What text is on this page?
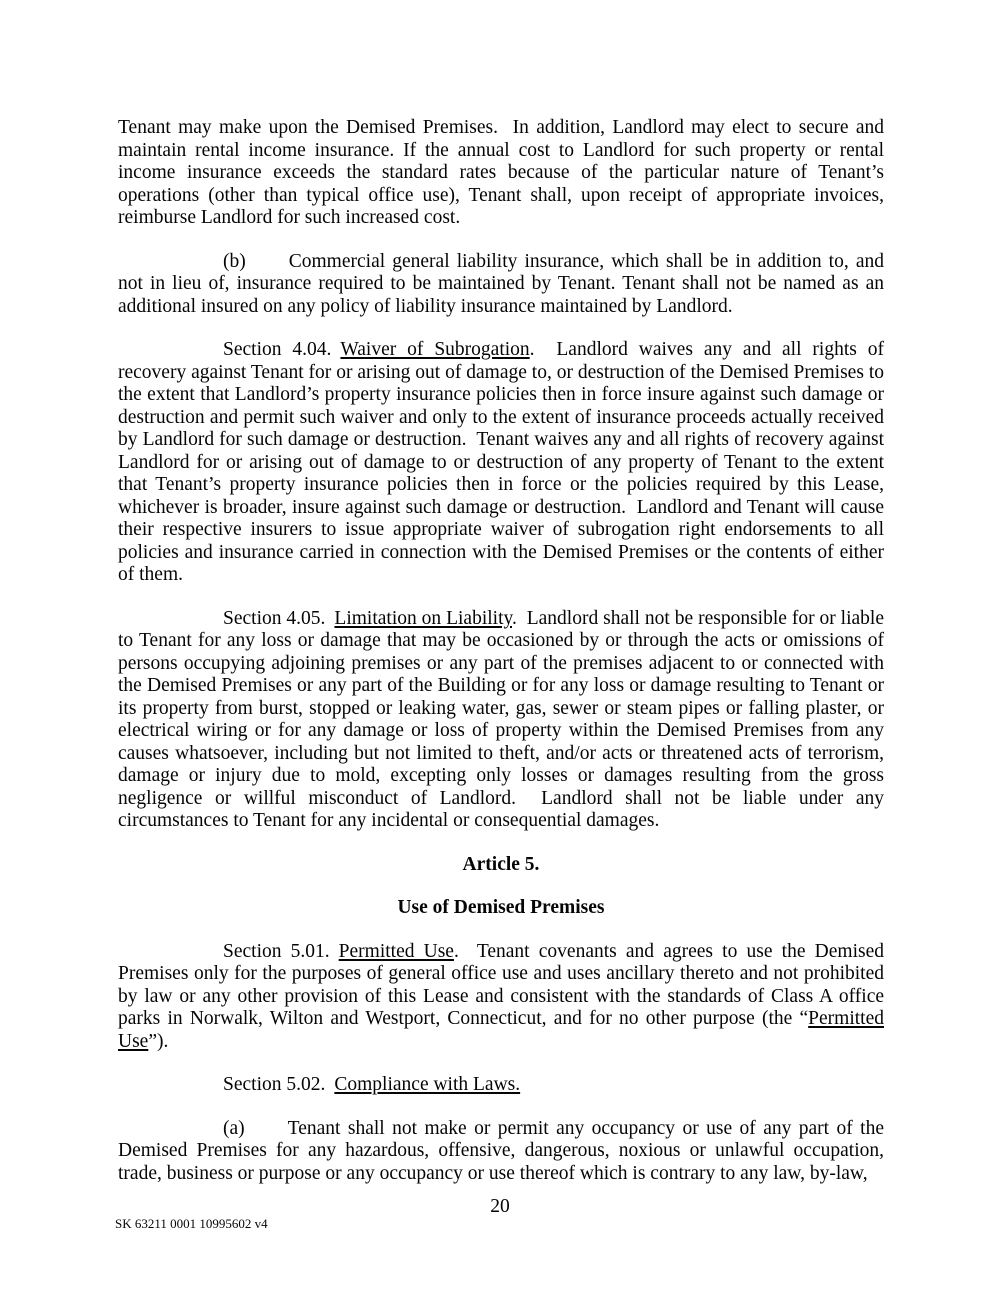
Tenant may make upon the Demised Premises.  In addition, Landlord may elect to secure and maintain rental income insurance. If the annual cost to Landlord for such property or rental income insurance exceeds the standard rates because of the particular nature of Tenant’s operations (other than typical office use), Tenant shall, upon receipt of appropriate invoices, reimburse Landlord for such increased cost.

(b) Commercial general liability insurance, which shall be in addition to, and not in lieu of, insurance required to be maintained by Tenant. Tenant shall not be named as an additional insured on any policy of liability insurance maintained by Landlord.

Section 4.04. Waiver of Subrogation.  Landlord waives any and all rights of recovery against Tenant for or arising out of damage to, or destruction of the Demised Premises to the extent that Landlord’s property insurance policies then in force insure against such damage or destruction and permit such waiver and only to the extent of insurance proceeds actually received by Landlord for such damage or destruction.  Tenant waives any and all rights of recovery against Landlord for or arising out of damage to or destruction of any property of Tenant to the extent that Tenant’s property insurance policies then in force or the policies required by this Lease, whichever is broader, insure against such damage or destruction.  Landlord and Tenant will cause their respective insurers to issue appropriate waiver of subrogation right endorsements to all policies and insurance carried in connection with the Demised Premises or the contents of either of them.

Section 4.05. Limitation on Liability.  Landlord shall not be responsible for or liable to Tenant for any loss or damage that may be occasioned by or through the acts or omissions of persons occupying adjoining premises or any part of the premises adjacent to or connected with the Demised Premises or any part of the Building or for any loss or damage resulting to Tenant or its property from burst, stopped or leaking water, gas, sewer or steam pipes or falling plaster, or electrical wiring or for any damage or loss of property within the Demised Premises from any causes whatsoever, including but not limited to theft, and/or acts or threatened acts of terrorism, damage or injury due to mold, excepting only losses or damages resulting from the gross negligence or willful misconduct of Landlord.  Landlord shall not be liable under any circumstances to Tenant for any incidental or consequential damages.

Article 5.

Use of Demised Premises

Section 5.01. Permitted Use.  Tenant covenants and agrees to use the Demised Premises only for the purposes of general office use and uses ancillary thereto and not prohibited by law or any other provision of this Lease and consistent with the standards of Class A office parks in Norwalk, Wilton and Westport, Connecticut, and for no other purpose (the “Permitted Use”).

Section 5.02. Compliance with Laws.

(a) Tenant shall not make or permit any occupancy or use of any part of the Demised Premises for any hazardous, offensive, dangerous, noxious or unlawful occupation, trade, business or purpose or any occupancy or use thereof which is contrary to any law, by-law,

20
SK 63211 0001 10995602 v4
